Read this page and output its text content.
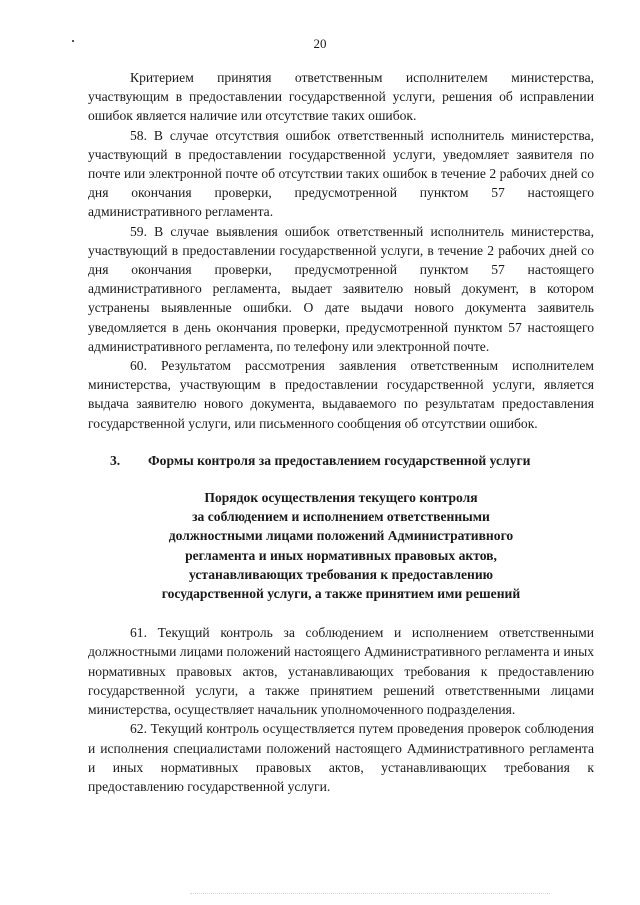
20

Критерием принятия ответственным исполнителем министерства, участвующим в предоставлении государственной услуги, решения об исправлении ошибок является наличие или отсутствие таких ошибок.

58. В случае отсутствия ошибок ответственный исполнитель министерства, участвующий в предоставлении государственной услуги, уведомляет заявителя по почте или электронной почте об отсутствии таких ошибок в течение 2 рабочих дней со дня окончания проверки, предусмотренной пунктом 57 настоящего административного регламента.

59. В случае выявления ошибок ответственный исполнитель министерства, участвующий в предоставлении государственной услуги, в течение 2 рабочих дней со дня окончания проверки, предусмотренной пунктом 57 настоящего административного регламента, выдает заявителю новый документ, в котором устранены выявленные ошибки. О дате выдачи нового документа заявитель уведомляется в день окончания проверки, предусмотренной пунктом 57 настоящего административного регламента, по телефону или электронной почте.

60. Результатом рассмотрения заявления ответственным исполнителем министерства, участвующим в предоставлении государственной услуги, является выдача заявителю нового документа, выдаваемого по результатам предоставления государственной услуги, или письменного сообщения об отсутствии ошибок.

3.	Формы контроля за предоставлением государственной услуги
Порядок осуществления текущего контроля
за соблюдением и исполнением ответственными
должностными лицами положений Административного
регламента и иных нормативных правовых актов,
устанавливающих требования к предоставлению
государственной услуги, а также принятием ими решений

61. Текущий контроль за соблюдением и исполнением ответственными должностными лицами положений настоящего Административного регламента и иных нормативных правовых актов, устанавливающих требования к предоставлению государственной услуги, а также принятием решений ответственными лицами министерства, осуществляет начальник уполномоченного подразделения.

62. Текущий контроль осуществляется путем проведения проверок соблюдения и исполнения специалистами положений настоящего Административного регламента и иных нормативных правовых актов, устанавливающих требования к предоставлению государственной услуги.
